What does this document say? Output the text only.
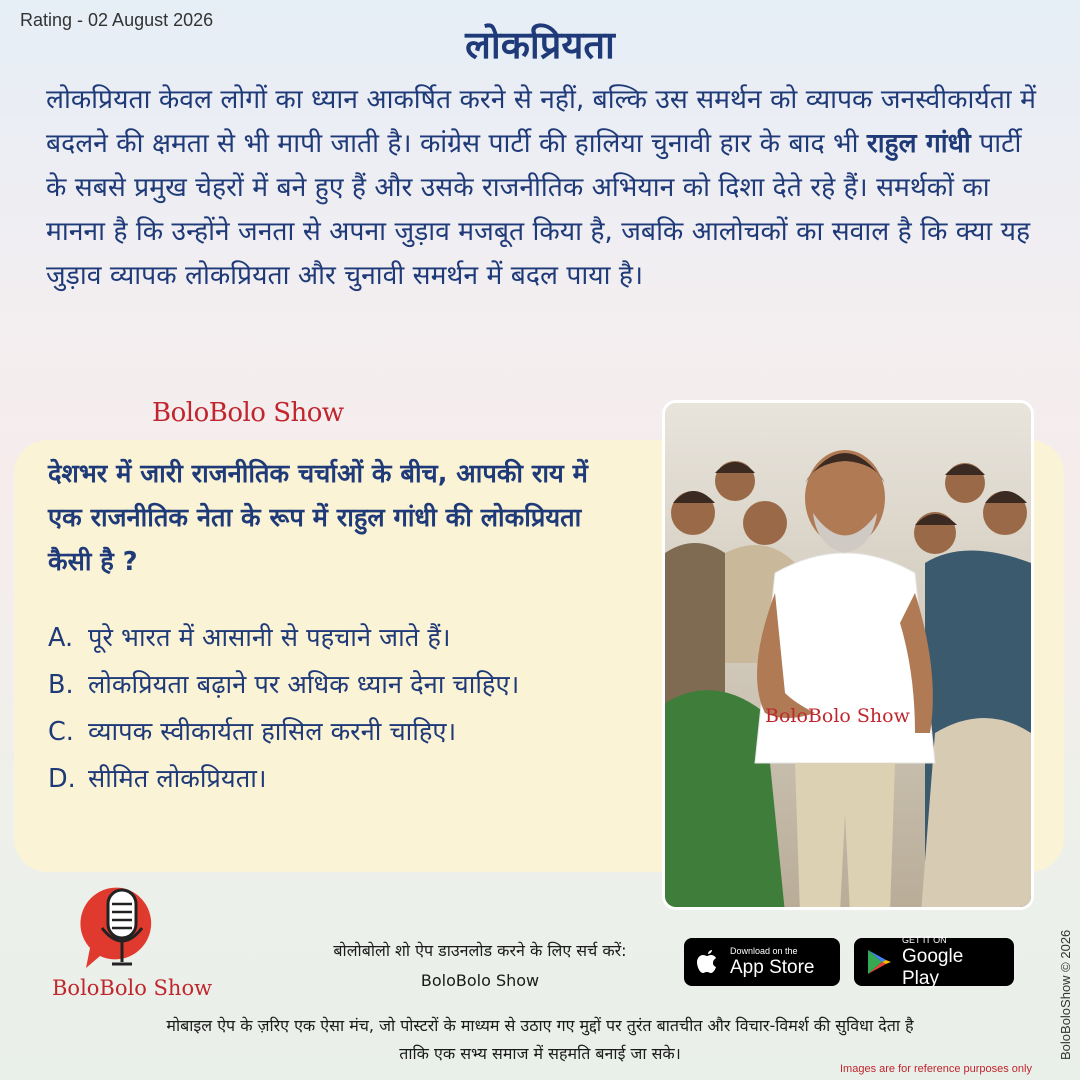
Rating - 02 August 2026
लोकप्रियता

लोकप्रियता केवल लोगों का ध्यान आकर्षित करने से नहीं, बल्कि उस समर्थन को व्यापक जनस्वीकार्यता में बदलने की क्षमता से भी मापी जाती है। कांग्रेस पार्टी की हालिया चुनावी हार के बाद भी राहुल गांधी पार्टी के सबसे प्रमुख चेहरों में बने हुए हैं और उसके राजनीतिक अभियान को दिशा देते रहे हैं। समर्थकों का मानना है कि उन्होंने जनता से अपना जुड़ाव मजबूत किया है, जबकि आलोचकों का सवाल है कि क्या यह जुड़ाव व्यापक लोकप्रियता और चुनावी समर्थन में बदल पाया है।

BoloBolo Show

देशभर में जारी राजनीतिक चर्चाओं के बीच, आपकी राय में एक राजनीतिक नेता के रूप में राहुल गांधी की लोकप्रियता कैसी है ?

A. पूरे भारत में आसानी से पहचाने जाते हैं।
B. लोकप्रियता बढ़ाने पर अधिक ध्यान देना चाहिए।
C. व्यापक स्वीकार्यता हासिल करनी चाहिए।
D. सीमित लोकप्रियता।
BoloBolo Show
BoloBolo Show
बोलोबोलो शो ऐप डाउनलोड करने के लिए सर्च करें:
BoloBolo Show
Download on the
App Store
GET IT ON
Google Play
मोबाइल ऐप के ज़रिए एक ऐसा मंच, जो पोस्टरों के माध्यम से उठाए गए मुद्दों पर तुरंत बातचीत और विचार-विमर्श की सुविधा देता है
ताकि एक सभ्य समाज में सहमति बनाई जा सके।
Images are for reference purposes only
BoloBoloShow © 2026
